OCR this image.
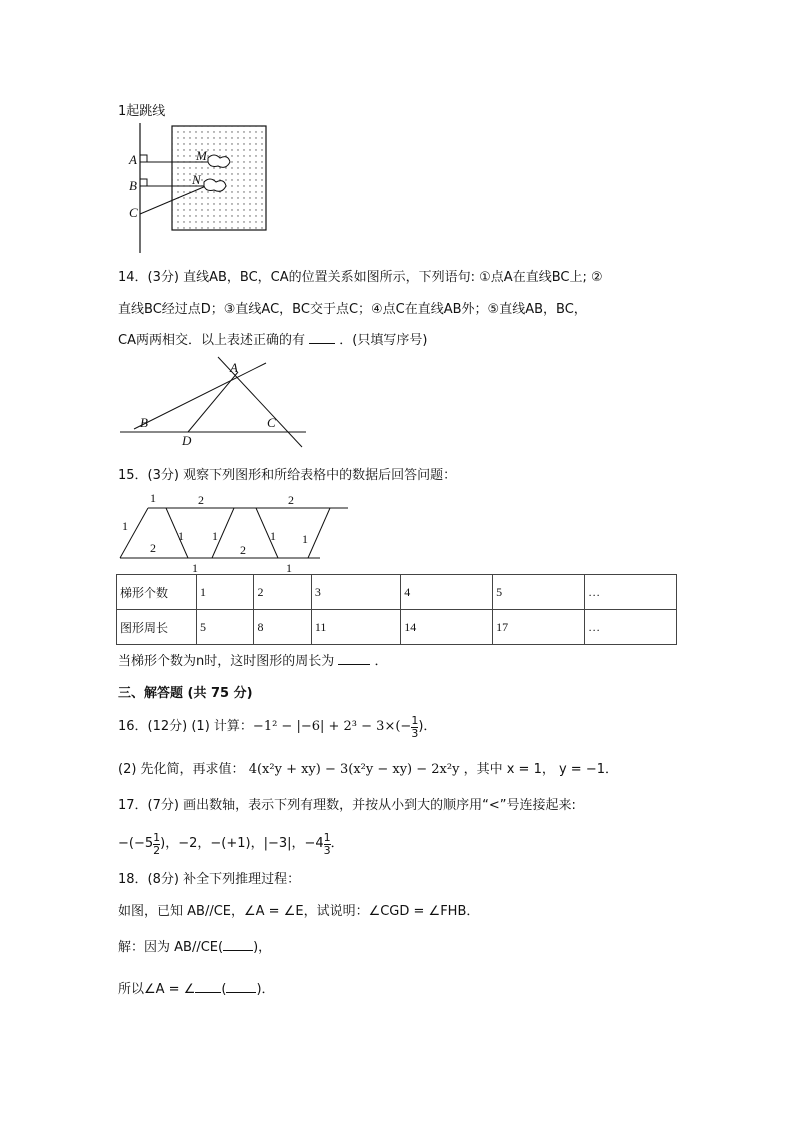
1起跳线
A
B
C
M
N
14．(3分) 直线AB，BC，CA的位置关系如图所示，下列语句: ①点A在直线BC上; ②
直线BC经过点D；③直线AC，BC交于点C；④点C在直线AB外；⑤直线AB，BC，
CA两两相交．以上表述正确的有	．(只填写序号)
A
B	C
D
15．(3分) 观察下列图形和所给表格中的数据后回答问题：
1	2	2
1
2
1 1
2
1 1
1	1
梯形个数	1	2	3	4	5	…
图形周长	5	8	11	14	17	…
当梯形个数为n时，这时图形的周长为	．
三、解答题 (共 75 分)
16．(12分) (1) 计算： $-1^2 - |-6| + 2^3 - 3\times(- \frac{1}{3}$ )．
(2) 先化简，再求值： 4(x²y + xy) − 3(x²y − xy) − 2x²y ，其中 x = 1， y = −1．
17．(7分) 画出数轴，表示下列有理数，并按从小到大的顺序用“<”号连接起来:
$-(-5 \frac{1}{2}$ )，−2，−(+1)，|−3|，$-4 \frac{1}{3}$ ．
18．(8分) 补全下列推理过程：
如图，已知 AB//CE，∠A = ∠E，试说明：∠CGD = ∠FHB．
解：因为 AB//CE( )，
所以∠A = ∠ ( )．
